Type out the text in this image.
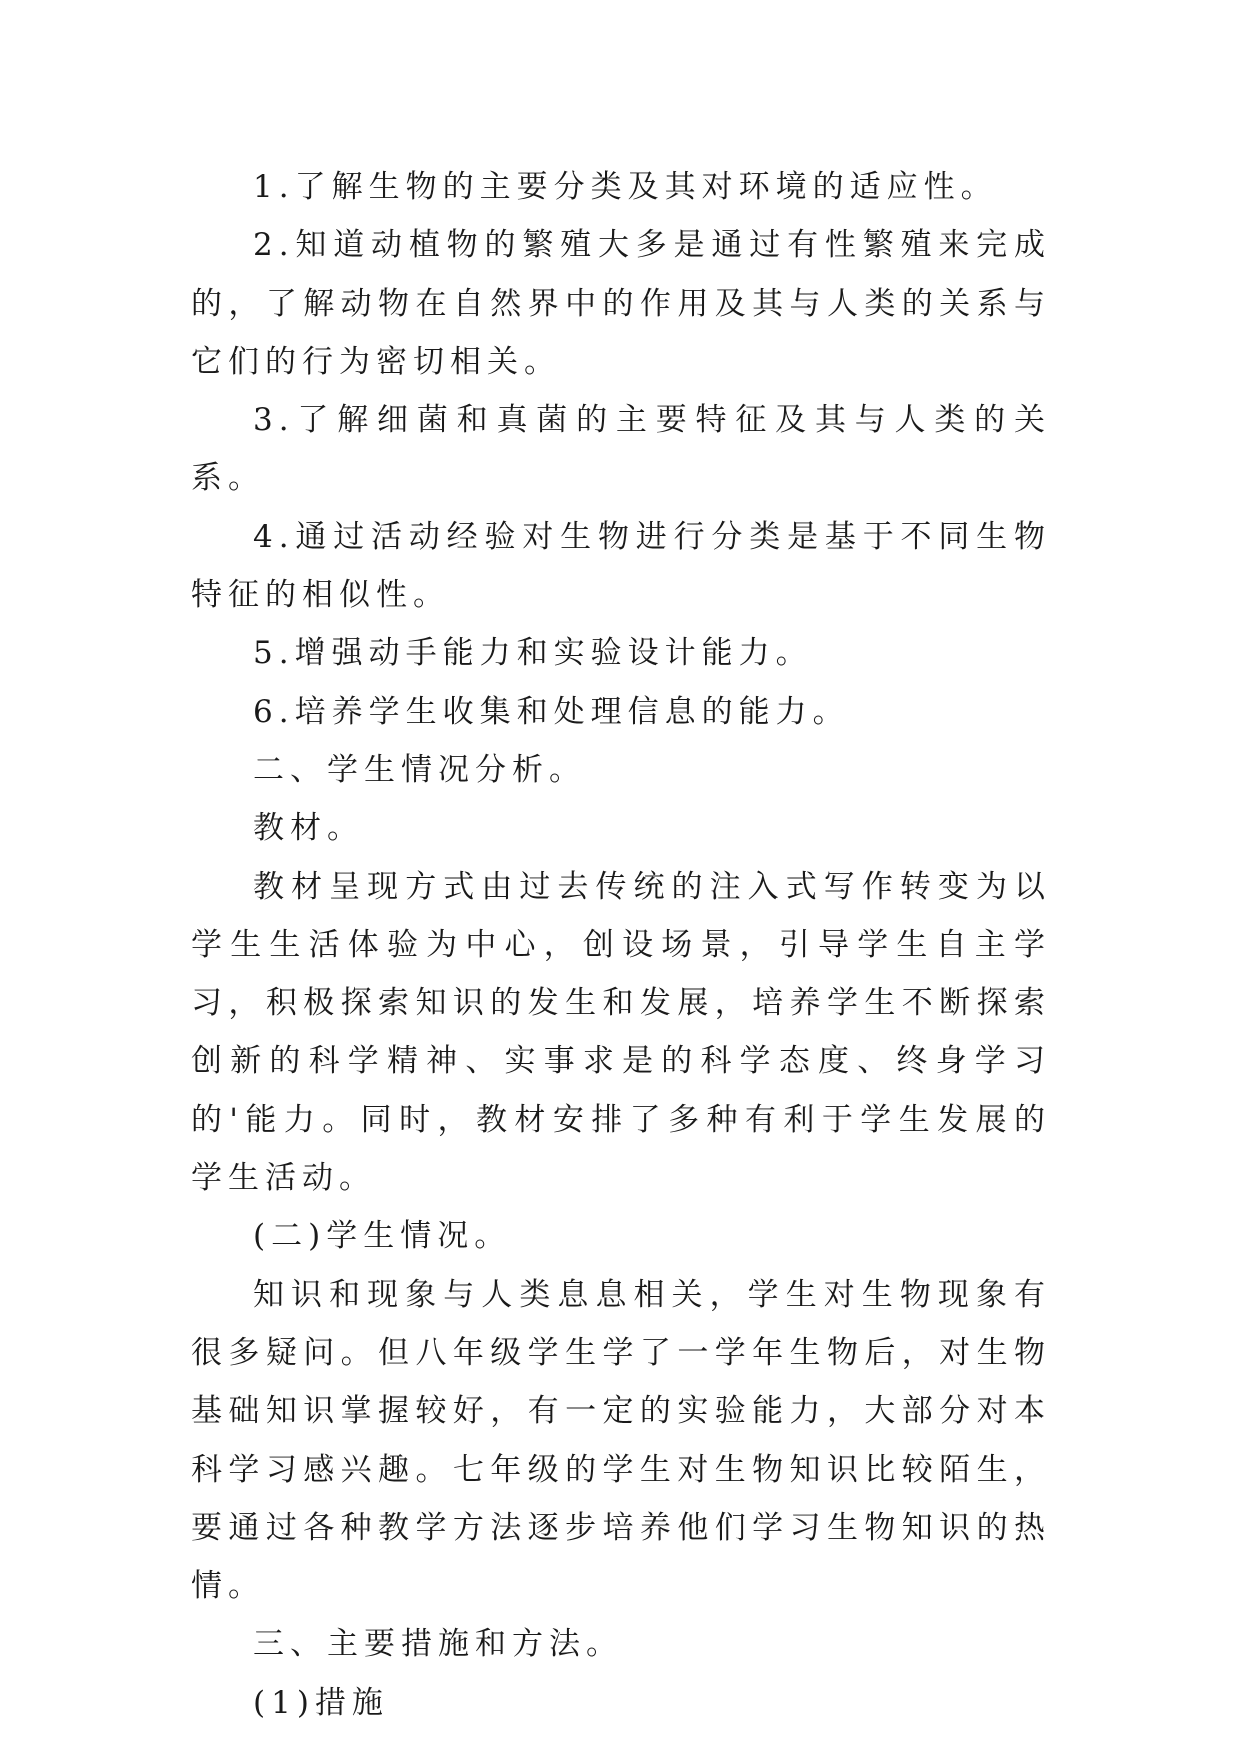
1.了解生物的主要分类及其对环境的适应性。

2.知道动植物的繁殖大多是通过有性繁殖来完成的，了解动物在自然界中的作用及其与人类的关系与它们的行为密切相关。

3.了解细菌和真菌的主要特征及其与人类的关系。

4.通过活动经验对生物进行分类是基于不同生物特征的相似性。

5.增强动手能力和实验设计能力。

6.培养学生收集和处理信息的能力。

二、学生情况分析。

教材。

教材呈现方式由过去传统的注入式写作转变为以学生生活体验为中心，创设场景，引导学生自主学习，积极探索知识的发生和发展，培养学生不断探索创新的科学精神、实事求是的科学态度、终身学习的'能力。同时，教材安排了多种有利于学生发展的学生活动。

(二)学生情况。

知识和现象与人类息息相关，学生对生物现象有很多疑问。但八年级学生学了一学年生物后，对生物基础知识掌握较好，有一定的实验能力，大部分对本科学习感兴趣。七年级的学生对生物知识比较陌生，要通过各种教学方法逐步培养他们学习生物知识的热情。

三、主要措施和方法。

(1)措施
